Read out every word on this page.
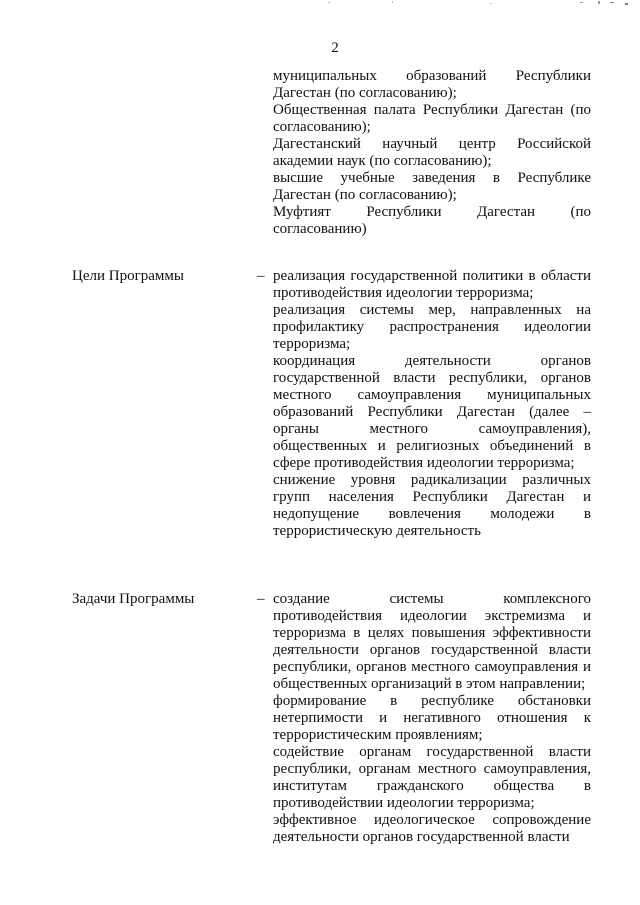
2

муниципальных образований Республики Дагестан (по согласованию);

Общественная палата Республики Дагестан (по согласованию);

Дагестанский научный центр Российской академии наук (по согласованию);

высшие учебные заведения в Республике Дагестан (по согласованию);

Муфтият Республики Дагестан (по согласованию)

Цели Программы	– реализация государственной политики в области противодействия идеологии терроризма;

реализация системы мер, направленных на профилактику распространения идеологии терроризма;

координация деятельности органов государственной власти республики, органов местного самоуправления муниципальных образований Республики Дагестан (далее – органы местного самоуправления), общественных и религиозных объединений в сфере противодействия идеологии терроризма;

снижение уровня радикализации различных групп населения Республики Дагестан и недопущение вовлечения молодежи в террористическую деятельность

Задачи Программы	– создание системы комплексного противодействия идеологии экстремизма и терроризма в целях повышения эффективности деятельности органов государственной власти республики, органов местного самоуправления и общественных организаций в этом направлении;

формирование в республике обстановки нетерпимости и негативного отношения к террористическим проявлениям;

содействие органам государственной власти республики, органам местного самоуправления, институтам гражданского общества в противодействии идеологии терроризма;

эффективное идеологическое сопровождение деятельности органов государственной власти
